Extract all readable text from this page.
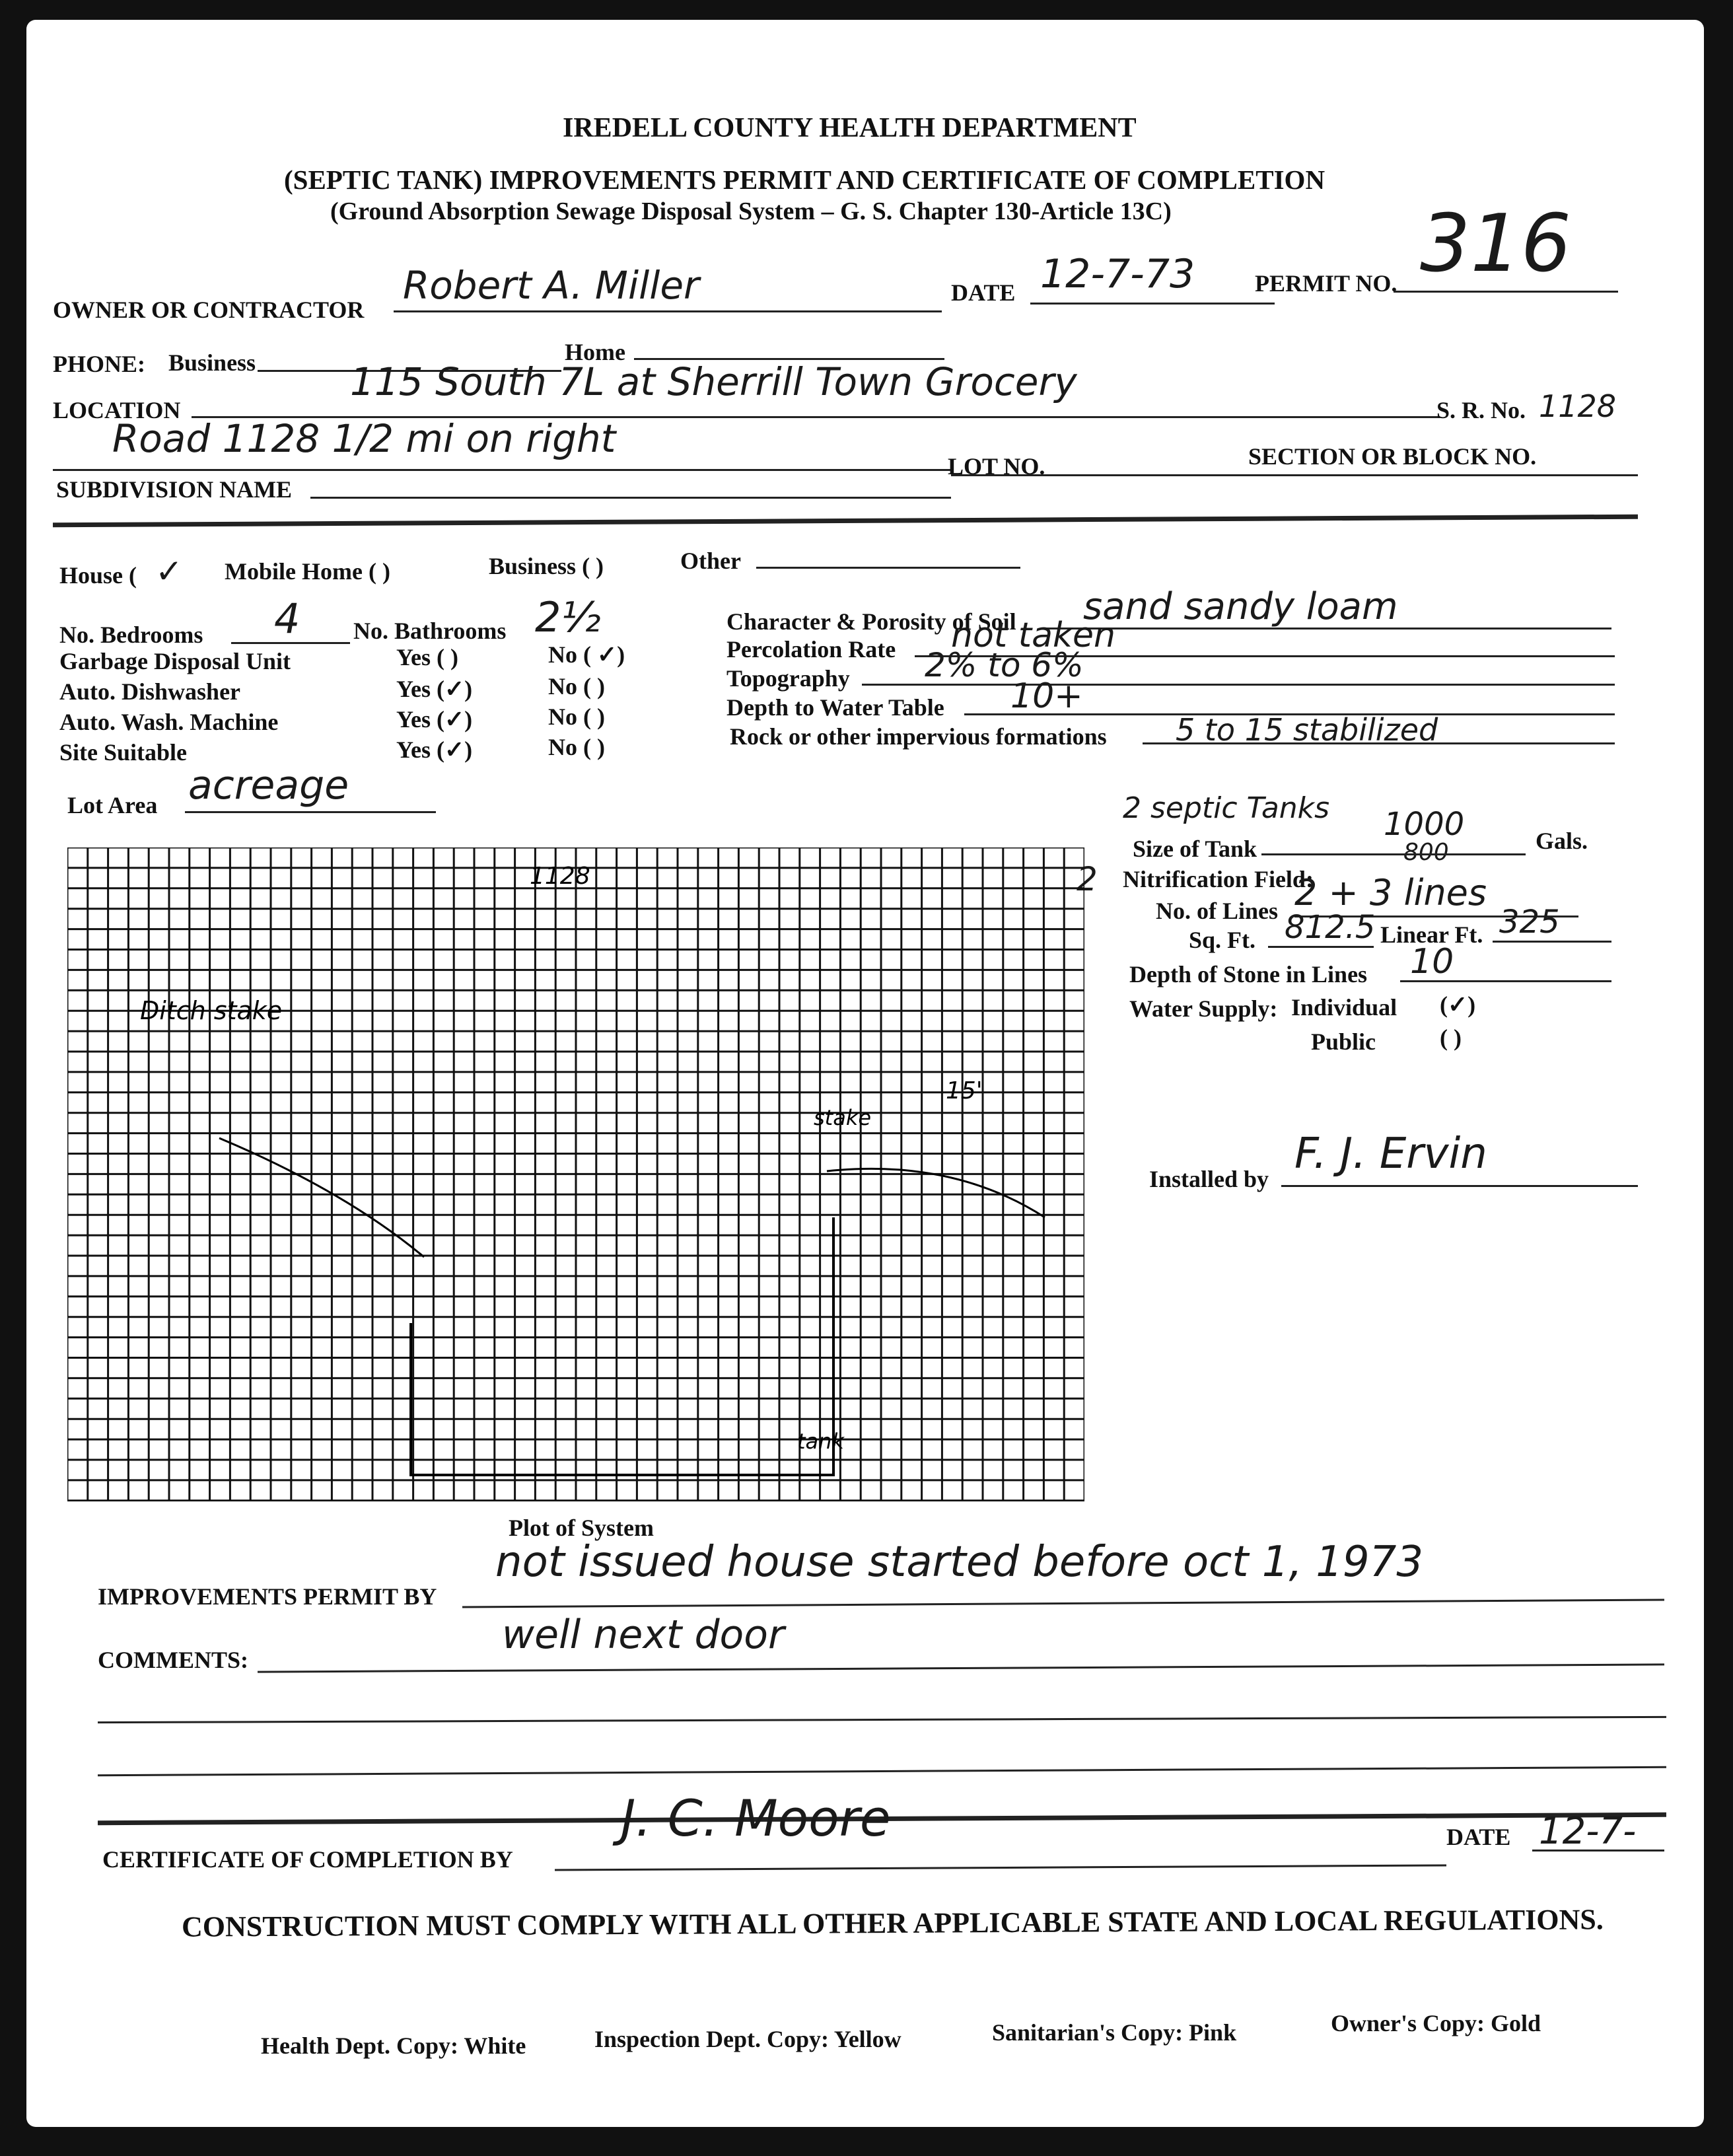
IREDELL COUNTY HEALTH DEPARTMENT
(SEPTIC TANK) IMPROVEMENTS PERMIT AND CERTIFICATE OF COMPLETION
(Ground Absorption Sewage Disposal System – G. S. Chapter 130-Article 13C)
OWNER OR CONTRACTOR
Robert A. Miller	DATE 12-7-73	PERMIT NO. 316
PHONE: Business	Home
LOCATION
115 South 7L at Sherrill Town Grocery
S. R. No. 1128
Road 1128 1/2 mi on right
LOT NO.	SECTION OR BLOCK NO.
SUBDIVISION NAME
House ( ✓ Mobile Home ( )	Business ( )	Other
No. Bedrooms 4 No. Bathrooms 2½
Garbage Disposal Unit	Yes ( )	No ( ✓)
Auto. Dishwasher	Yes (✓)	No ( )
Auto. Wash. Machine	Yes (✓)	No ( )
Site Suitable	Yes (✓)	No ( )
Character & Porosity of Soil sand sandy loam
Percolation Rate not taken
Topography 2% to 6%
Depth to Water Table 10+
Rock or other impervious formations 5 to 15 stabilized
Lot Area acreage	2 septic Tanks
Size of Tank
1000
800	Gals.
2 Nitrification Field:
No. of Lines 2 + 3 lines
Sq. Ft. 812.5 Linear Ft. 325
Depth of Stone in Lines 10
Water Supply: Individual (✓)
Public	( )
Installed by
F. J. Ervin
1128
Ditch stake
15'
stake
tank
Plot of System
IMPROVEMENTS PERMIT BY
not issued house started before oct 1, 1973
COMMENTS:
well next door
CERTIFICATE OF COMPLETION BY
J. C. Moore	DATE 12-7-
CONSTRUCTION MUST COMPLY WITH ALL OTHER APPLICABLE STATE AND LOCAL REGULATIONS.
Health Dept. Copy: White	Inspection Dept. Copy: Yellow	Sanitarian's Copy: Pink	Owner's Copy: Gold
